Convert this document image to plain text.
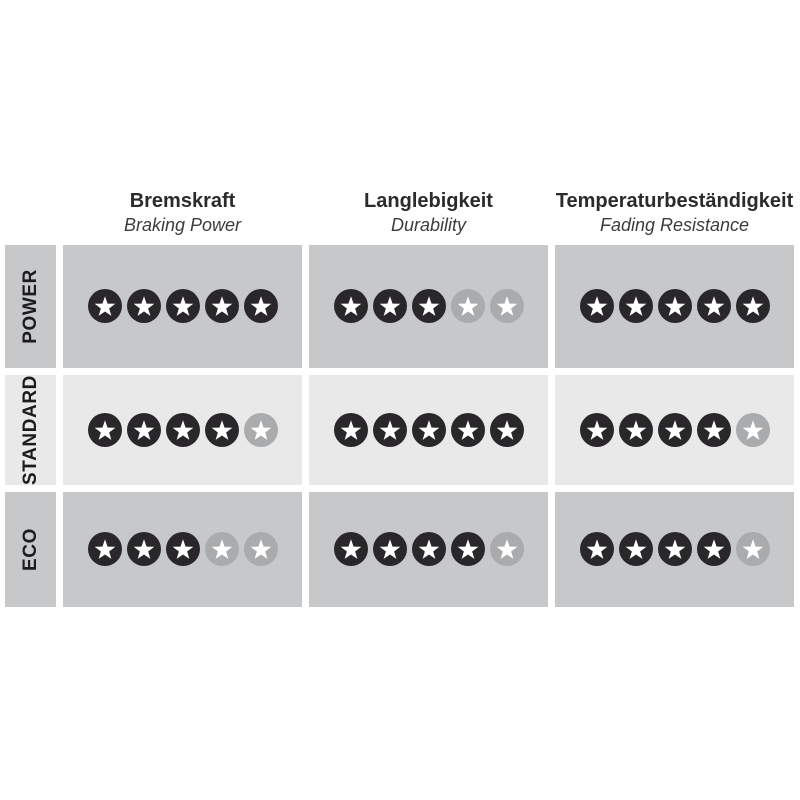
Bremskraft
Braking Power
Langlebigkeit
Durability
Temperaturbeständigkeit
Fading Resistance
POWER
STANDARD
ECO
